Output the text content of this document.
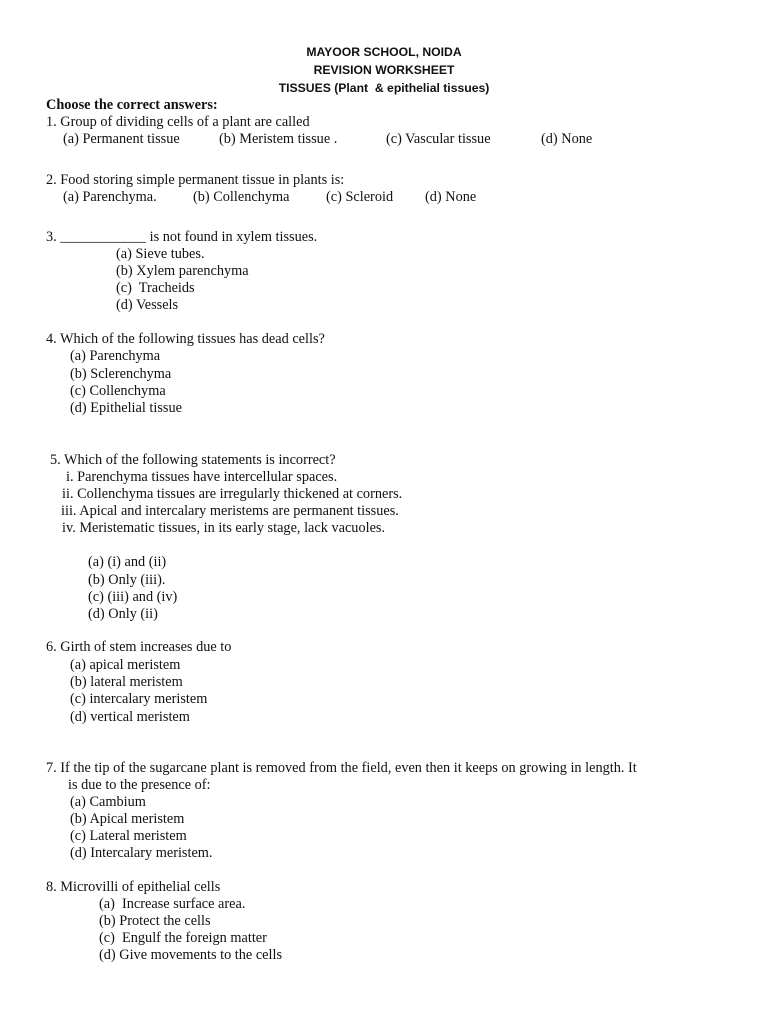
MAYOOR SCHOOL, NOIDA
REVISION WORKSHEET
TISSUES (Plant  & epithelial tissues)
Choose the correct answers:
1. Group of dividing cells of a plant are called
(a) Permanent tissue	(b) Meristem tissue .	(c) Vascular tissue	(d) None
2. Food storing simple permanent tissue in plants is:
(a) Parenchyma.	(b) Collenchyma	(c) Scleroid (d) None
3. ____________ is not found in xylem tissues.
(a) Sieve tubes.
(b) Xylem parenchyma
(c)  Tracheids
(d) Vessels
4. Which of the following tissues has dead cells?
(a) Parenchyma
(b) Sclerenchyma
(c) Collenchyma
(d) Epithelial tissue
5. Which of the following statements is incorrect?
i. Parenchyma tissues have intercellular spaces.
ii. Collenchyma tissues are irregularly thickened at corners.
iii. Apical and intercalary meristems are permanent tissues.
iv. Meristematic tissues, in its early stage, lack vacuoles.
(a) (i) and (ii)
(b) Only (iii).
(c) (iii) and (iv)
(d) Only (ii)
6. Girth of stem increases due to
(a) apical meristem
(b) lateral meristem
(c) intercalary meristem
(d) vertical meristem
7. If the tip of the sugarcane plant is removed from the field, even then it keeps on growing in length. It
is due to the presence of:
(a) Cambium
(b) Apical meristem
(c) Lateral meristem
(d) Intercalary meristem.
8. Microvilli of epithelial cells
(a)  Increase surface area.
(b) Protect the cells
(c)  Engulf the foreign matter
(d) Give movements to the cells
